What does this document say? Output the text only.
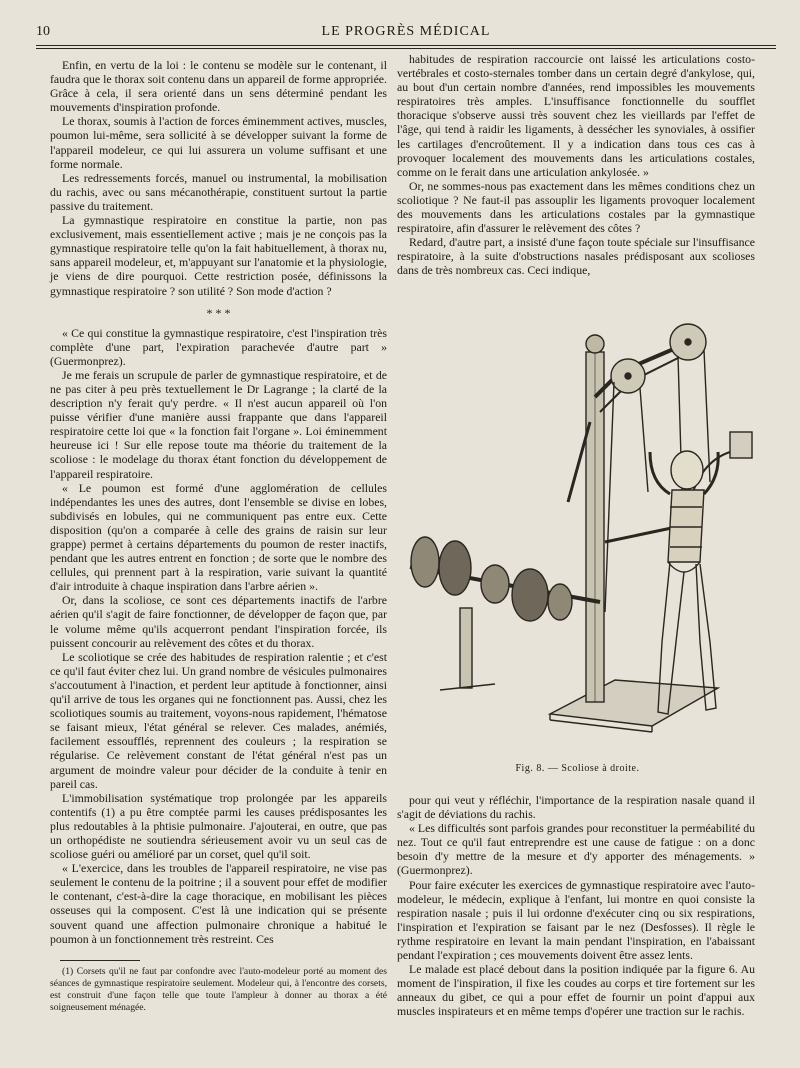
10	LE PROGRÈS MÉDICAL

Enfin, en vertu de la loi : le contenu se modèle sur le contenant, il faudra que le thorax soit contenu dans un appareil de forme appropriée. Grâce à cela, il sera orienté dans un sens déterminé pendant les mouvements d'inspiration profonde.

Le thorax, soumis à l'action de forces éminemment actives, muscles, poumon lui-même, sera sollicité à se développer suivant la forme de l'appareil modeleur, ce qui lui assurera un volume suffisant et une forme normale.

Les redressements forcés, manuel ou instrumental, la mobilisation du rachis, avec ou sans mécanothérapie, constituent surtout la partie passive du traitement.

La gymnastique respiratoire en constitue la partie, non pas exclusivement, mais essentiellement active ; mais je ne conçois pas la gymnastique respiratoire telle qu'on la fait habituellement, à thorax nu, sans appareil modeleur, et, m'appuyant sur l'anatomie et la physiologie, je viens de dire pourquoi. Cette restriction posée, définissons la gymnastique respiratoire ? son utilité ? Son mode d'action ?

* * *

« Ce qui constitue la gymnastique respiratoire, c'est l'inspiration très complète d'une part, l'expiration parachevée d'autre part » (Guermonprez).

Je me ferais un scrupule de parler de gymnastique respiratoire, et de ne pas citer à peu près textuellement le Dr Lagrange ; la clarté de la description n'y ferait qu'y perdre. « Il n'est aucun appareil où l'on puisse vérifier d'une manière aussi frappante que dans l'appareil respiratoire cette loi que « la fonction fait l'organe ». Loi éminemment heureuse ici ! Sur elle repose toute ma théorie du traitement de la scoliose : le modelage du thorax étant fonction du développement de l'appareil respiratoire.

« Le poumon est formé d'une agglomération de cellules indépendantes les unes des autres, dont l'ensemble se divise en lobes, subdivisés en lobules, qui ne communiquent pas entre eux. Cette disposition (qu'on a comparée à celle des grains de raisin sur leur grappe) permet à certains départements du poumon de rester inactifs, pendant que les autres entrent en fonction ; de sorte que le nombre des cellules, qui prennent part à la respiration, varie suivant la quantité d'air introduite à chaque inspiration dans l'arbre aérien ».

Or, dans la scoliose, ce sont ces départements inactifs de l'arbre aérien qu'il s'agit de faire fonctionner, de développer de façon que, par le volume même qu'ils acquerront pendant l'inspiration forcée, ils puissent concourir au relèvement des côtes et du thorax.

Le scoliotique se crée des habitudes de respiration ralentie ; et c'est ce qu'il faut éviter chez lui. Un grand nombre de vésicules pulmonaires s'accoutument à l'inaction, et perdent leur aptitude à fonctionner, ainsi qu'il arrive de tous les organes qui ne fonctionnent pas. Aussi, chez les scoliotiques soumis au traitement, voyons-nous rapidement, l'hématose se faisant mieux, l'état général se relever. Ces malades, anémiés, facilement essoufflés, reprennent des couleurs ; la respiration se régularise. Ce relèvement constant de l'état général n'est pas un argument de moindre valeur pour décider de la conduite à tenir en pareil cas.

L'immobilisation systématique trop prolongée par les appareils contentifs (1) a pu être comptée parmi les causes prédisposantes les plus redoutables à la phtisie pulmonaire. J'ajouterai, en outre, que pas un orthopédiste ne soutiendra sérieusement avoir vu un seul cas de scoliose guéri ou amélioré par un corset, quel qu'il soit.

« L'exercice, dans les troubles de l'appareil respiratoire, ne vise pas seulement le contenu de la poitrine ; il a souvent pour effet de modifier le contenant, c'est-à-dire la cage thoracique, en mobilisant les pièces osseuses qui la composent. C'est là une indication qui se présente souvent quand une affection pulmonaire chronique a habitué le poumon à un fonctionnement très restreint. Ces

(1) Corsets qu'il ne faut par confondre avec l'auto-modeleur porté au moment des séances de gymnastique respiratoire seulement. Modeleur qui, à l'encontre des corsets, est construit d'une façon telle que toute l'ampleur à donner au thorax a été soigneusement ménagée.

habitudes de respiration raccourcie ont laissé les articulations costo-vertébrales et costo-sternales tomber dans un certain degré d'ankylose, qui, au bout d'un certain nombre d'années, rend impossibles les mouvements respiratoires très amples. L'insuffisance fonctionnelle du soufflet thoracique s'observe aussi très souvent chez les vieillards par l'effet de l'âge, qui tend à raidir les ligaments, à dessécher les synoviales, à ossifier les cartilages d'encroûtement. Il y a indication dans tous ces cas à provoquer localement des mouvements dans les articulations costales, comme on le ferait dans une articulation ankylosée. »

Or, ne sommes-nous pas exactement dans les mêmes conditions chez un scoliotique ? Ne faut-il pas assouplir les ligaments provoquer localement des mouvements dans les articulations costales par la gymnastique respiratoire, afin d'assurer le relèvement des côtes ?

Redard, d'autre part, a insisté d'une façon toute spéciale sur l'insuffisance respiratoire, à la suite d'obstructions nasales prédisposant aux scolioses dans de très nombreux cas. Ceci indique,

Fig. 8. — Scoliose à droite.

pour qui veut y réfléchir, l'importance de la respiration nasale quand il s'agit de déviations du rachis.

« Les difficultés sont parfois grandes pour reconstituer la perméabilité du nez. Tout ce qu'il faut entreprendre est une cause de fatigue : on a donc besoin d'y mettre de la mesure et d'y apporter des ménagements. » (Guermonprez).

Pour faire exécuter les exercices de gymnastique respiratoire avec l'auto-modeleur, le médecin, explique à l'enfant, lui montre en quoi consiste la respiration nasale ; puis il lui ordonne d'exécuter cinq ou six respirations, l'inspiration et l'expiration se faisant par le nez (Desfosses). Il règle le rythme respiratoire en levant la main pendant l'inspiration, en l'abaissant pendant l'expiration ; ces mouvements doivent être assez lents.

Le malade est placé debout dans la position indiquée par la figure 6. Au moment de l'inspiration, il fixe les coudes au corps et tire fortement sur les anneaux du gibet, ce qui a pour effet de fournir un point d'appui aux muscles inspirateurs et en même temps d'opérer une traction sur le rachis.
